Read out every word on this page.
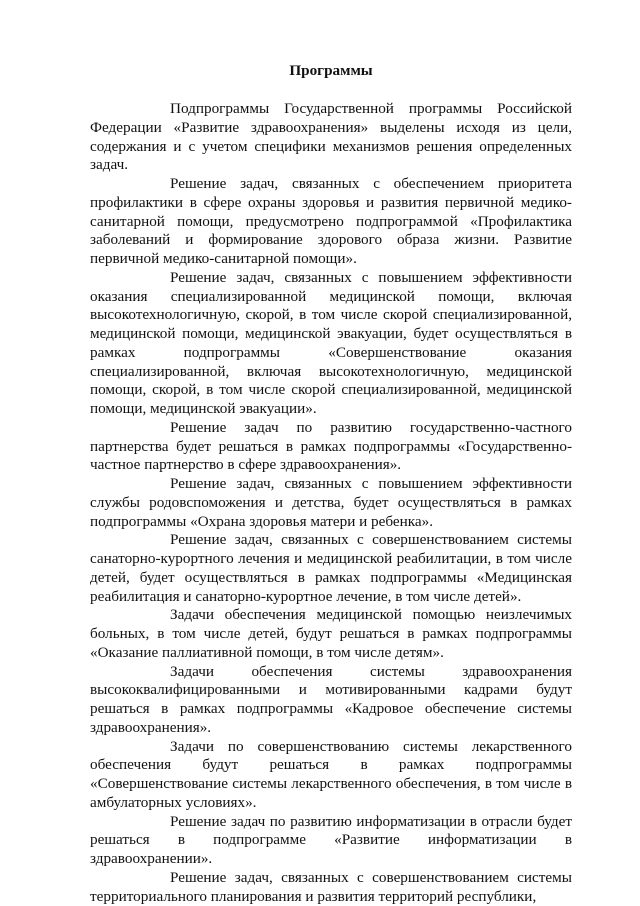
Программы

Подпрограммы Государственной программы Российской Федерации «Развитие здравоохранения» выделены исходя из цели, содержания и с учетом специфики механизмов решения определенных задач.

Решение задач, связанных с обеспечением приоритета профилактики в сфере охраны здоровья и развития первичной медико-санитарной помощи, предусмотрено подпрограммой «Профилактика заболеваний и формирование здорового образа жизни. Развитие первичной медико-санитарной помощи».

Решение задач, связанных с повышением эффективности оказания специализированной медицинской помощи, включая высокотехнологичную, скорой, в том числе скорой специализированной, медицинской помощи, медицинской эвакуации, будет осуществляться в рамках подпрограммы «Совершенствование оказания специализированной, включая высокотехнологичную, медицинской помощи, скорой, в том числе скорой специализированной, медицинской помощи, медицинской эвакуации».

Решение задач по развитию государственно-частного партнерства будет решаться в рамках подпрограммы «Государственно-частное партнерство в сфере здравоохранения».

Решение задач, связанных с повышением эффективности службы родовспоможения и детства, будет осуществляться в рамках подпрограммы «Охрана здоровья матери и ребенка».

Решение задач, связанных с совершенствованием системы санаторно-курортного лечения и медицинской реабилитации, в том числе детей, будет осуществляться в рамках подпрограммы «Медицинская реабилитация и санаторно-курортное лечение, в том числе детей».

Задачи обеспечения медицинской помощью неизлечимых больных, в том числе детей, будут решаться в рамках подпрограммы «Оказание паллиативной помощи, в том числе детям».

Задачи обеспечения системы здравоохранения высококвалифицированными и мотивированными кадрами будут решаться в рамках подпрограммы «Кадровое обеспечение системы здравоохранения».

Задачи по совершенствованию системы лекарственного обеспечения будут решаться в рамках подпрограммы «Совершенствование системы лекарственного обеспечения, в том числе в амбулаторных условиях».

Решение задач по развитию информатизации в отрасли будет решаться в подпрограмме «Развитие информатизации в здравоохранении».

Решение задач, связанных с совершенствованием системы территориального планирования и развития территорий республики,
